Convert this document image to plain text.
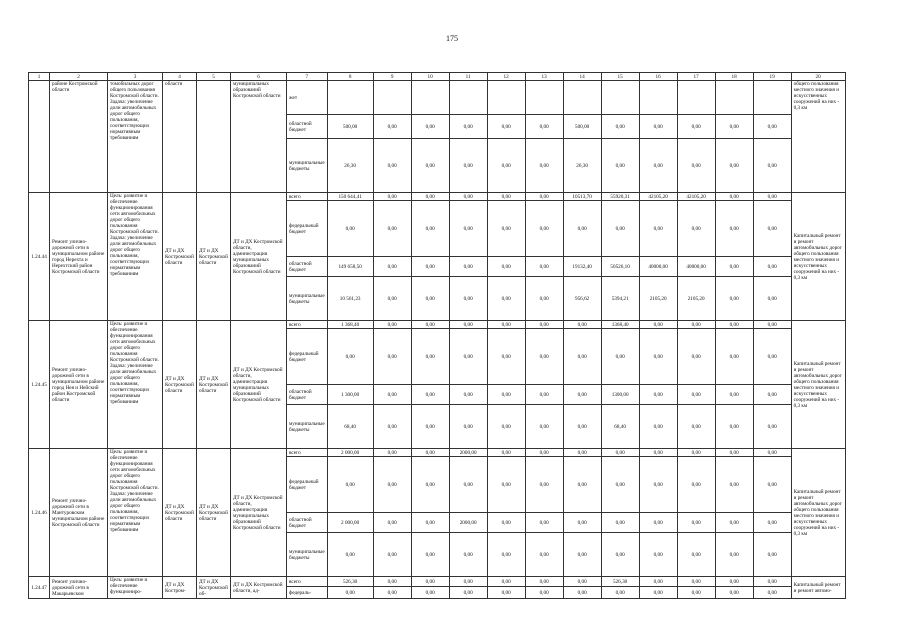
175
1	2	3	4	5	6	7	8	9	10	11	12	13	14	15	16	17	18	19	20
	районе Костромской области	томобильных дорог общего пользования Костромской области. Задача: увеличение доли автомобильных дорог общего пользования, соответствующих нормативным требованиям	области		муниципальных образований Костромской области	жет													общего пользования местного значения и искусственных сооружений на них - 0,3 км
						областной бюджет	500,00	0,00	0,00	0,00	0,00	0,00	500,00	0,00	0,00	0,00	0,00	0,00	
						муниципальные бюджеты	26,30	0,00	0,00	0,00	0,00	0,00	26,30	0,00	0,00	0,00	0,00	0,00	
1.24.44	Ремонт улично-дорожной сети в муниципальном районе город Нерехта и Нерехтский район Костромской области	Цель: развитие и обеспечение функционирования сети автомобильных дорог общего пользования Костромской области. Задача: увеличение доли автомобильных дорог общего пользования, соответствующих нормативным требованиям	ДТ и ДХ Костромской области	ДТ и ДХ Костромской области	ДТ и ДХ Костромской области, администрации муниципальных образований Костромской области	всего	150 644,41	0,00	0,00	0,00	0,00	0,00	10513,70	55920,31	42105,20	42105,20	0,00	0,00	Капитальный ремонт и ремонт автомобильных дорог общего пользования местного значения и искусственных сооружений на них - 0,3 км
						федеральный бюджет	0,00	0,00	0,00	0,00	0,00	0,00	0,00	0,00	0,00	0,00	0,00	0,00	
						областной бюджет	149 658,50	0,00	0,00	0,00	0,00	0,00	19132,40	50526,10	40000,00	40000,00	0,00	0,00	
						муниципальные бюджеты	10 561,23	0,00	0,00	0,00	0,00	0,00	956,62	5394,21	2105,20	2105,20	0,00	0,00	
1.24.45	Ремонт улично-дорожной сети в муниципальном районе город Нея и Нейский район Костромской области	Цель: развитие и обеспечение функционирования сети автомобильных дорог общего пользования Костромской области. Задача: увеличение доли автомобильных дорог общего пользования, соответствующих нормативным требованиям	ДТ и ДХ Костромской области	ДТ и ДХ Костромской области	ДТ и ДХ Костромской области, администрации муниципальных образований Костромской области	всего	1 368,40	0,00	0,00	0,00	0,00	0,00	0,00	1368,40	0,00	0,00	0,00	0,00	Капитальный ремонт и ремонт автомобильных дорог общего пользования местного значения и искусственных сооружений на них - 0,3 км
						федеральный бюджет	0,00	0,00	0,00	0,00	0,00	0,00	0,00	0,00	0,00	0,00	0,00	0,00	
						областной бюджет	1 300,00	0,00	0,00	0,00	0,00	0,00	0,00	1300,00	0,00	0,00	0,00	0,00	
						муниципальные бюджеты	68,40	0,00	0,00	0,00	0,00	0,00	0,00	68,40	0,00	0,00	0,00	0,00	
1.24.46	Ремонт улично-дорожной сети в Мантуровском муниципальном районе Костромской области	Цель: развитие и обеспечение функционирования сети автомобильных дорог общего пользования Костромской области. Задача: увеличение доли автомобильных дорог общего пользования, соответствующих нормативным требованиям	ДТ и ДХ Костромской области	ДТ и ДХ Костромской области	ДТ и ДХ Костромской области, администрации муниципальных образований Костромской области	всего	2 000,00	0,00	0,00	2000,00	0,00	0,00	0,00	0,00	0,00	0,00	0,00	0,00	Капитальный ремонт и ремонт автомобильных дорог общего пользования местного значения и искусственных сооружений на них - 0,3 км
						федеральный бюджет	0,00	0,00	0,00	0,00	0,00	0,00	0,00	0,00	0,00	0,00	0,00	0,00	
						областной бюджет	2 000,00	0,00	0,00	2000,00	0,00	0,00	0,00	0,00	0,00	0,00	0,00	0,00	
						муниципальные бюджеты	0,00	0,00	0,00	0,00	0,00	0,00	0,00	0,00	0,00	0,00	0,00	0,00	
1.24.47	Ремонт улично-дорожной сети в Макарьевском	Цель: развитие и обеспечение функциониро-	ДТ и ДХ Костром-	ДТ и ДХ Костромской об-	ДТ и ДХ Костромской области, ад-	всего	526,30	0,00	0,00	0,00	0,00	0,00	0,00	526,30	0,00	0,00	0,00	0,00	Капитальный ремонт и ремонт автомо-
						федераль-	0,00	0,00	0,00	0,00	0,00	0,00	0,00	0,00	0,00	0,00	0,00	0,00	
